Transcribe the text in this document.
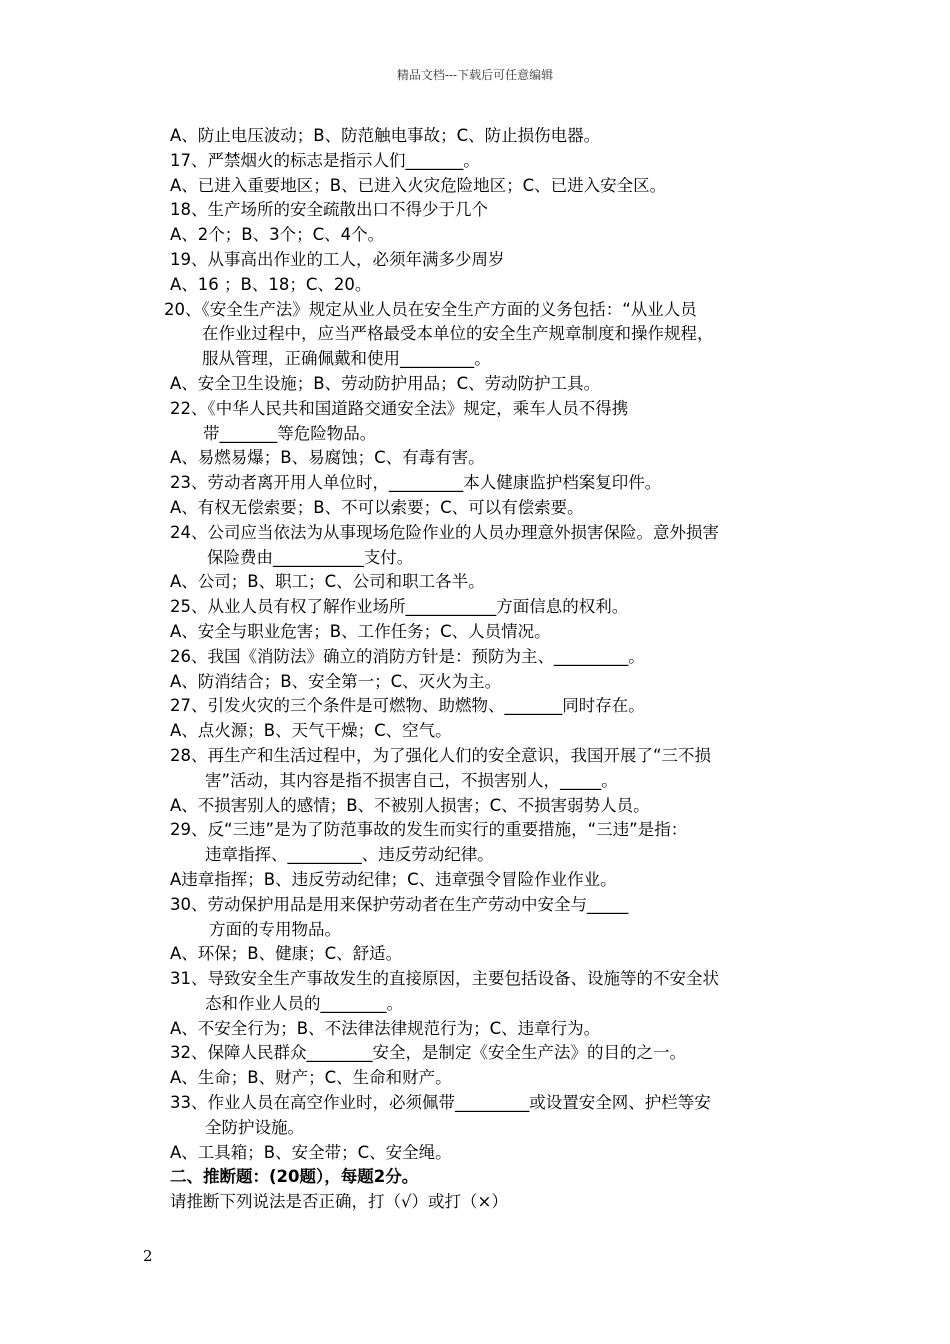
精品文档---下载后可任意编辑
A、防止电压波动；B、防范触电事故；C、防止损伤电器。
17、严禁烟火的标志是指示人们_______。
A、已进入重要地区；B、已进入火灾危险地区；C、已进入安全区。
18、生产场所的安全疏散出口不得少于几个
A、2个；B、3个；C、4个。
19、从事高出作业的工人，必须年满多少周岁
A、16 ；B、18；C、20。
20、《安全生产法》规定从业人员在安全生产方面的义务包括：“从业人员
在作业过程中，应当严格最受本单位的安全生产规章制度和操作规程，
服从管理，正确佩戴和使用_________。
A、安全卫生设施；B、劳动防护用品；C、劳动防护工具。
22、《中华人民共和国道路交通安全法》规定，乘车人员不得携
带_______等危险物品。
A、易燃易爆；B、易腐蚀；C、有毒有害。
23、劳动者离开用人单位时，_________本人健康监护档案复印件。
A、有权无偿索要；B、不可以索要；C、可以有偿索要。
24、公司应当依法为从事现场危险作业的人员办理意外损害保险。意外损害
保险费由___________支付。
A、公司；B、职工；C、公司和职工各半。
25、从业人员有权了解作业场所___________方面信息的权利。
A、安全与职业危害；B、工作任务；C、人员情况。
26、我国《消防法》确立的消防方针是：预防为主、_________。
A、防消结合；B、安全第一；C、灭火为主。
27、引发火灾的三个条件是可燃物、助燃物、_______同时存在。
A、点火源；B、天气干燥；C、空气。
28、再生产和生活过程中，为了强化人们的安全意识，我国开展了“三不损
害”活动，其内容是指不损害自己，不损害别人，_____。
A、不损害别人的感情；B、不被别人损害；C、不损害弱势人员。
29、反“三违”是为了防范事故的发生而实行的重要措施，“三违”是指：
违章指挥、_________、违反劳动纪律。
A违章指挥；B、违反劳动纪律；C、违章强令冒险作业作业。
30、劳动保护用品是用来保护劳动者在生产劳动中安全与_____
方面的专用物品。
A、环保；B、健康；C、舒适。
31、导致安全生产事故发生的直接原因，主要包括设备、设施等的不安全状
态和作业人员的________。
A、不安全行为；B、不法律法律规范行为；C、违章行为。
32、保障人民群众________安全，是制定《安全生产法》的目的之一。
A、生命；B、财产；C、生命和财产。
33、作业人员在高空作业时，必须佩带_________或设置安全网、护栏等安
全防护设施。
A、工具箱；B、安全带；C、安全绳。
二、推断题：(20题），每题2分。
请推断下列说法是否正确，打（√）或打（×）
2
